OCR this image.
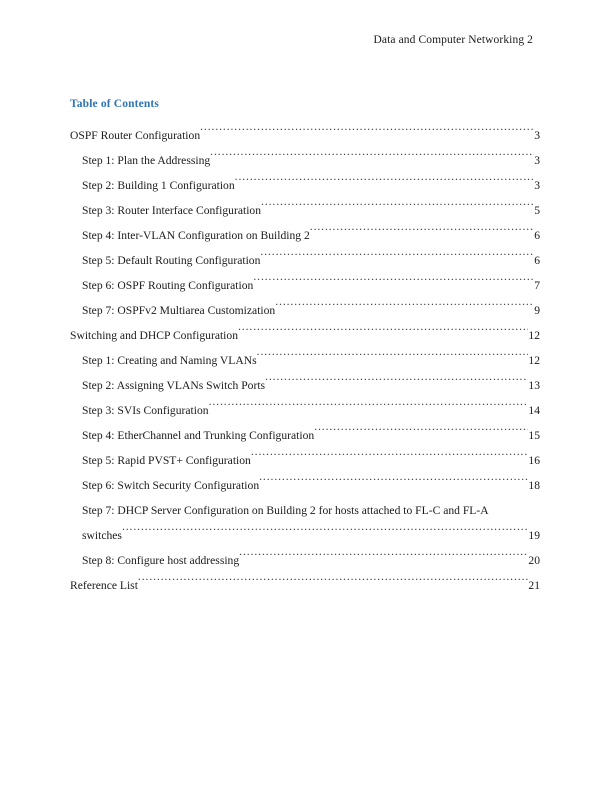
Data and Computer Networking 2
Table of Contents
OSPF Router Configuration .....	3
Step 1: Plan the Addressing .....	3
Step 2: Building 1 Configuration .....	3
Step 3: Router Interface Configuration .....	5
Step 4: Inter-VLAN Configuration on Building 2 .....	6
Step 5: Default Routing Configuration .....	6
Step 6: OSPF Routing Configuration .....	7
Step 7: OSPFv2 Multiarea Customization .....	9
Switching and DHCP Configuration .....	12
Step 1: Creating and Naming VLANs .....	12
Step 2: Assigning VLANs Switch Ports .....	13
Step 3: SVIs Configuration .....	14
Step 4: EtherChannel and Trunking Configuration .....	15
Step 5: Rapid PVST+ Configuration .....	16
Step 6: Switch Security Configuration .....	18
Step 7: DHCP Server Configuration on Building 2 for hosts attached to FL-C and FL-A
switches .....	19
Step 8: Configure host addressing .....	20
Reference List .....	21
